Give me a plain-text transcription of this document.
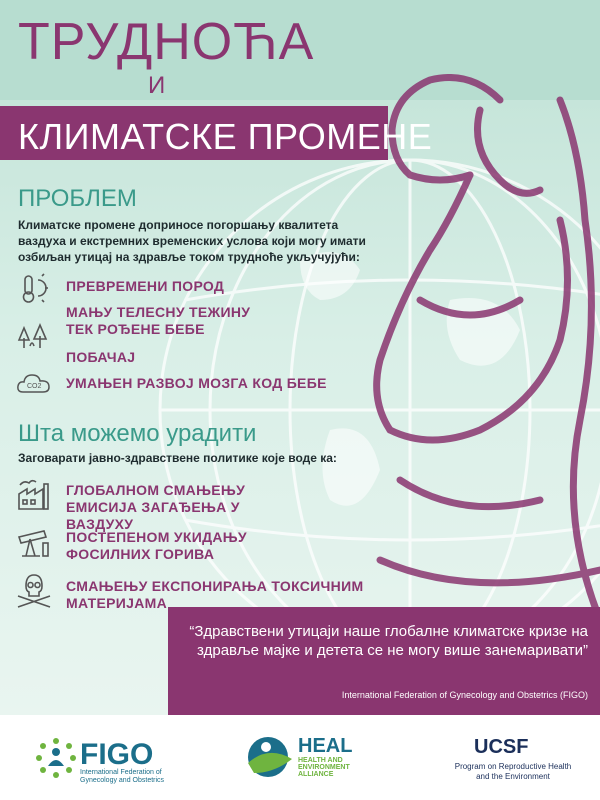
ТРУДНОЋА
И
КЛИМАТСКЕ ПРОМЕНЕ
ПРОБЛЕМ
Климатске промене доприносе погоршању квалитета ваздуха и екстремних временских услова који могу имати озбиљан утицај на здравље током трудноће укључујући:
ПРЕВРЕМЕНИ ПОРОД
МАЊУ ТЕЛЕСНУ ТЕЖИНУ ТЕК РОЂЕНЕ БЕБЕ
ПОБАЧАЈ
CO2 УМАЊЕН РАЗВОЈ МОЗГА КОД БЕБЕ
Шта можемо урадити
Заговарати јавно-здравствене политике које воде ка:
ГЛОБАЛНОМ СМАЊЕЊУ ЕМИСИЈА ЗАГАЂЕЊА У ВАЗДУХУ
ПОСТЕПЕНОМ УКИДАЊУ ФОСИЛНИХ ГОРИВА
СМАЊЕЊУ ЕКСПОНИРАЊА ТОКСИЧНИМ МАТЕРИЈАМА
“Здравствени утицаји наше глобалне климатске кризе на здравље мајке и детета се не могу више занемаривати”
International Federation of Gynecology and Obstetrics (FIGO)
FIGO
International Federation of Gynecology and Obstetrics
HEAL
HEALTH AND
ENVIRONMENT
ALLIANCE
UCSF
Program on Reproductive Health and the Environment
